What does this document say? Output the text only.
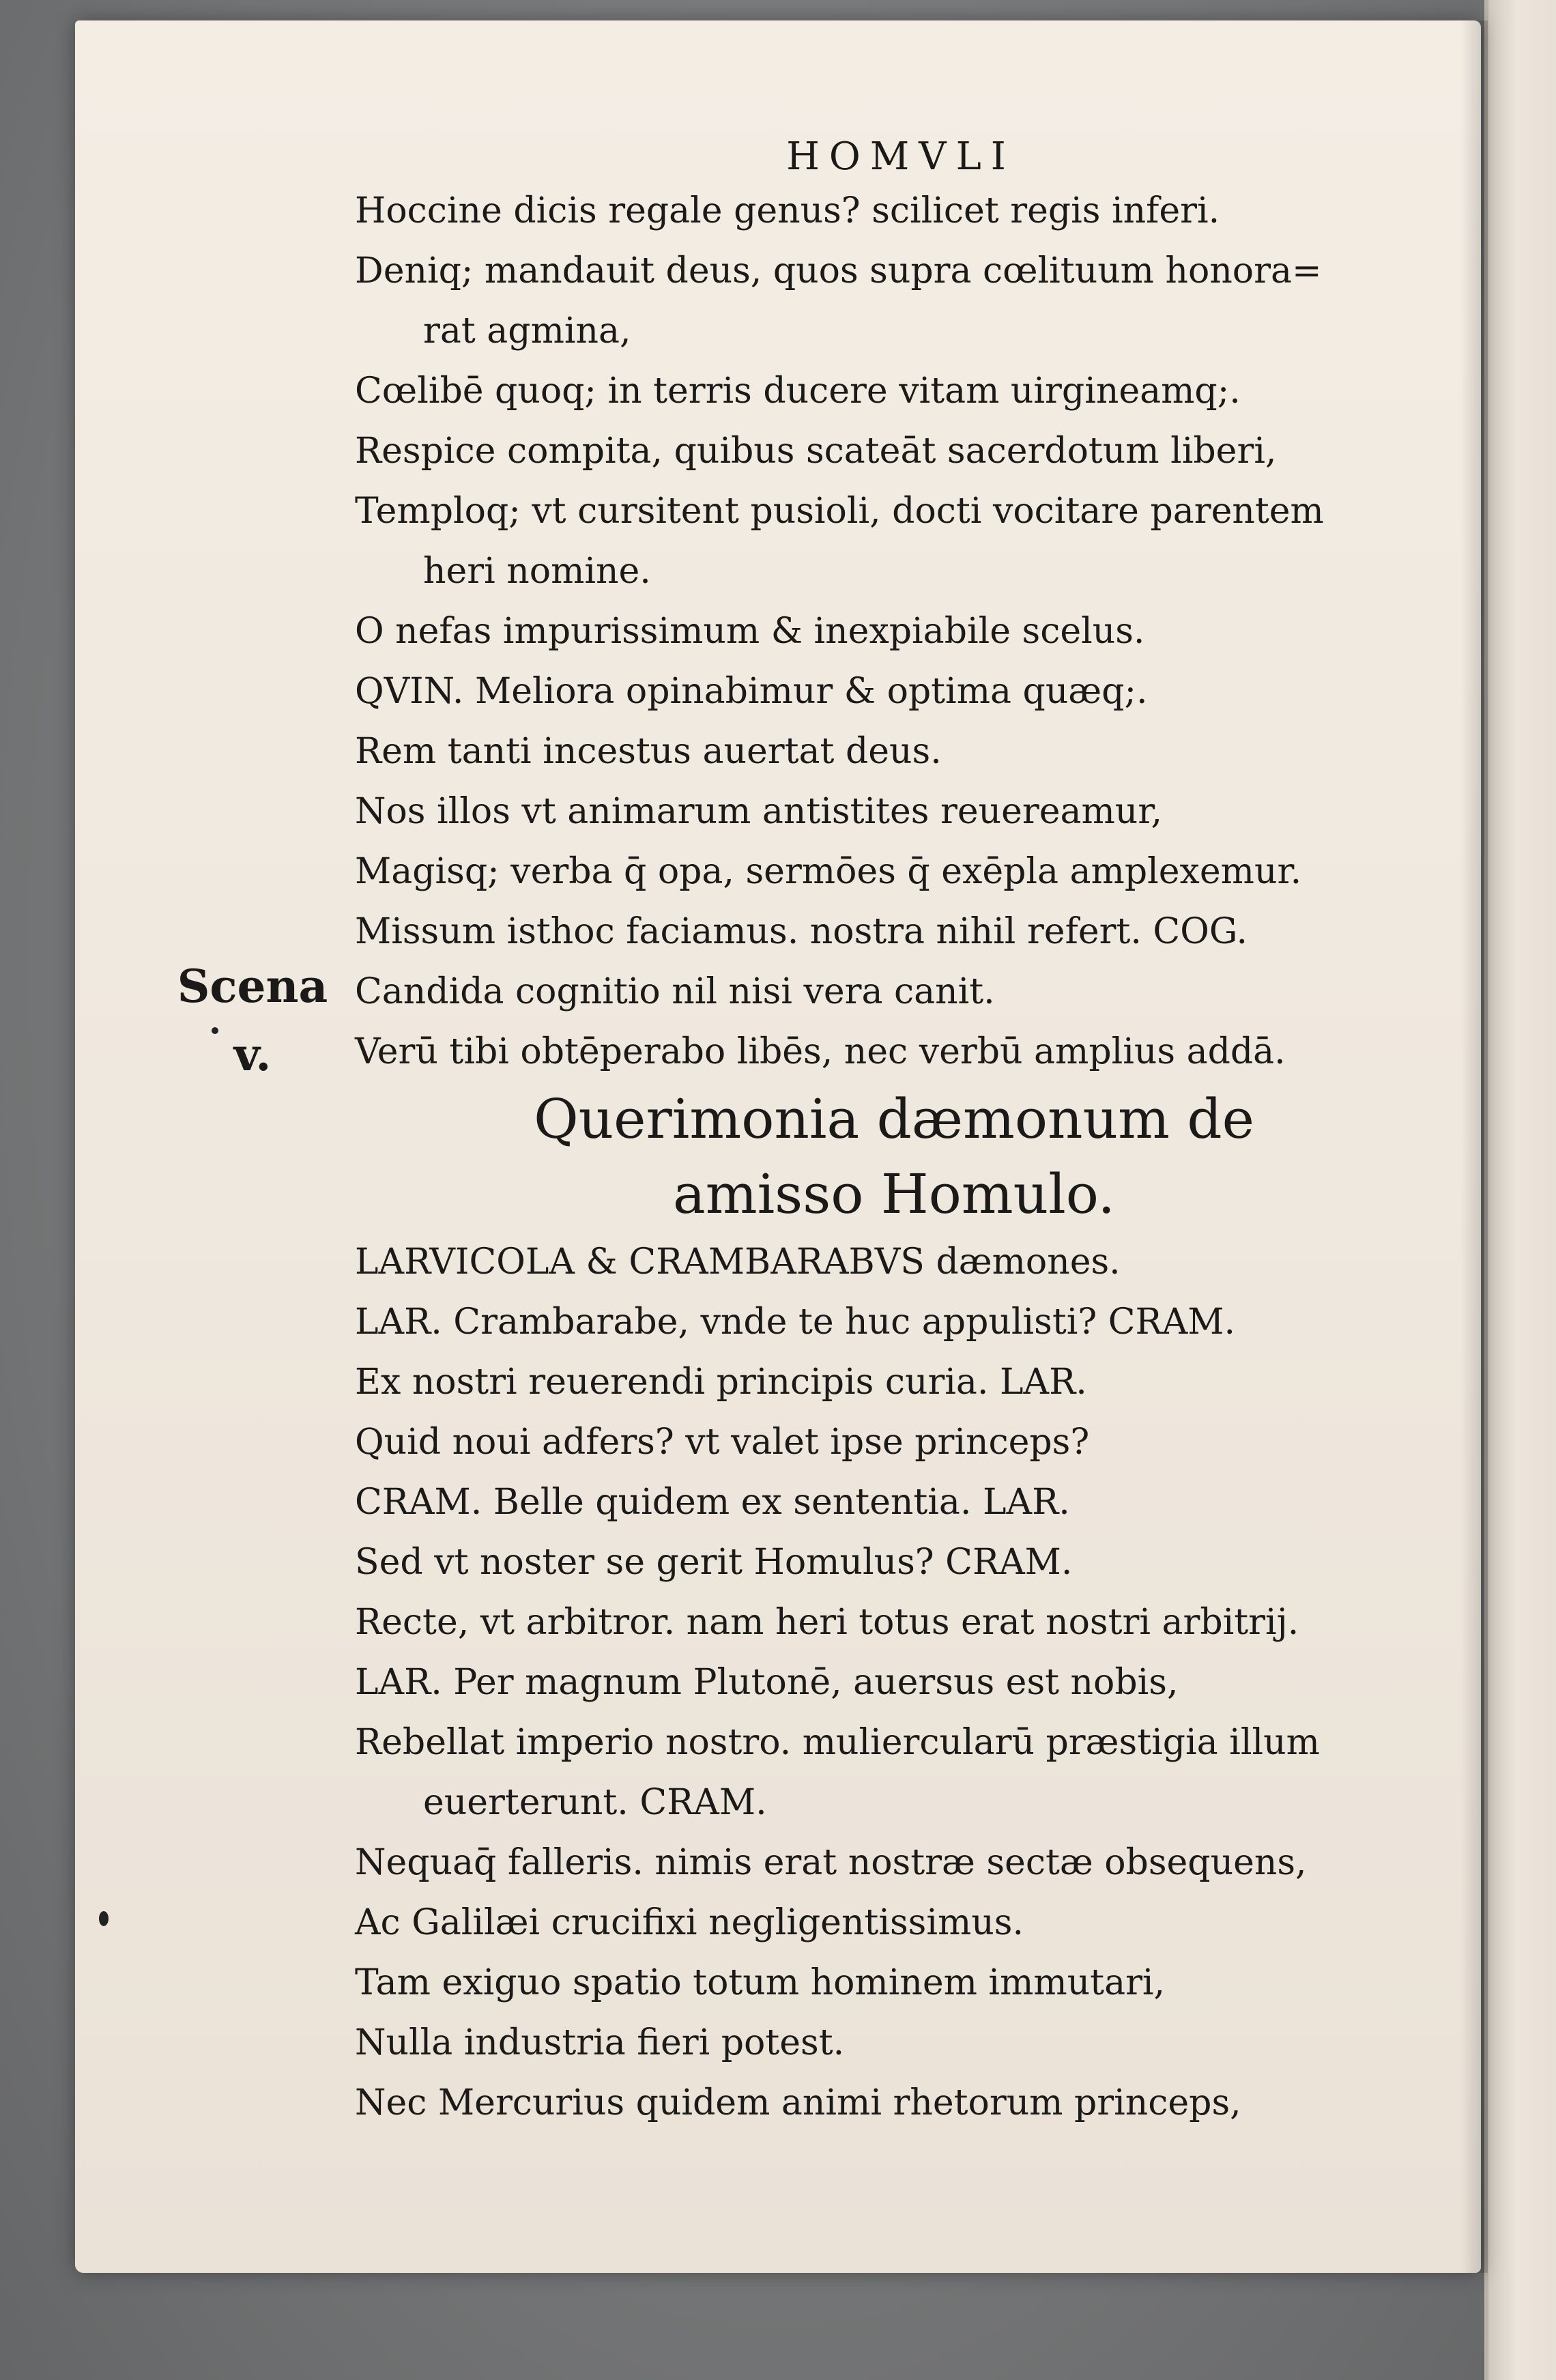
Scena
v.
HOMVLI
Hoccine dicis regale genus? scilicet regis inferi.
Deniq; mandauit deus, quos supra cœlituum honora=
rat agmina,
Cœlibē quoq; in terris ducere vitam uirgineamq;.
Respice compita, quibus scateāt sacerdotum liberi,
Temploq; vt cursitent pusioli, docti vocitare parentem
heri nomine.
O nefas impurissimum & inexpiabile scelus.
QVIN. Meliora opinabimur & optima quæq;.
Rem tanti incestus auertat deus.
Nos illos vt animarum antistites reuereamur,
Magisq; verba q̄ opa, sermōes q̄ exēpla amplexemur.
Missum isthoc faciamus. nostra nihil refert. COG.
Candida cognitio nil nisi vera canit.
Verū tibi obtēperabo libēs, nec verbū amplius addā.
Querimonia dæmonum de
amisso Homulo.
LARVICOLA & CRAMBARABVS dæmones.
LAR. Crambarabe, vnde te huc appulisti? CRAM.
Ex nostri reuerendi principis curia. LAR.
Quid noui adfers? vt valet ipse princeps?
CRAM. Belle quidem ex sententia. LAR.
Sed vt noster se gerit Homulus? CRAM.
Recte, vt arbitror. nam heri totus erat nostri arbitrij.
LAR. Per magnum Plutonē, auersus est nobis,
Rebellat imperio nostro. muliercularū præstigia illum
euerterunt. CRAM.
Nequaq̄ falleris. nimis erat nostræ sectæ obsequens,
Ac Galilæi crucifixi negligentissimus.
Tam exiguo spatio totum hominem immutari,
Nulla industria fieri potest.
Nec Mercurius quidem animi rhetorum princeps,
